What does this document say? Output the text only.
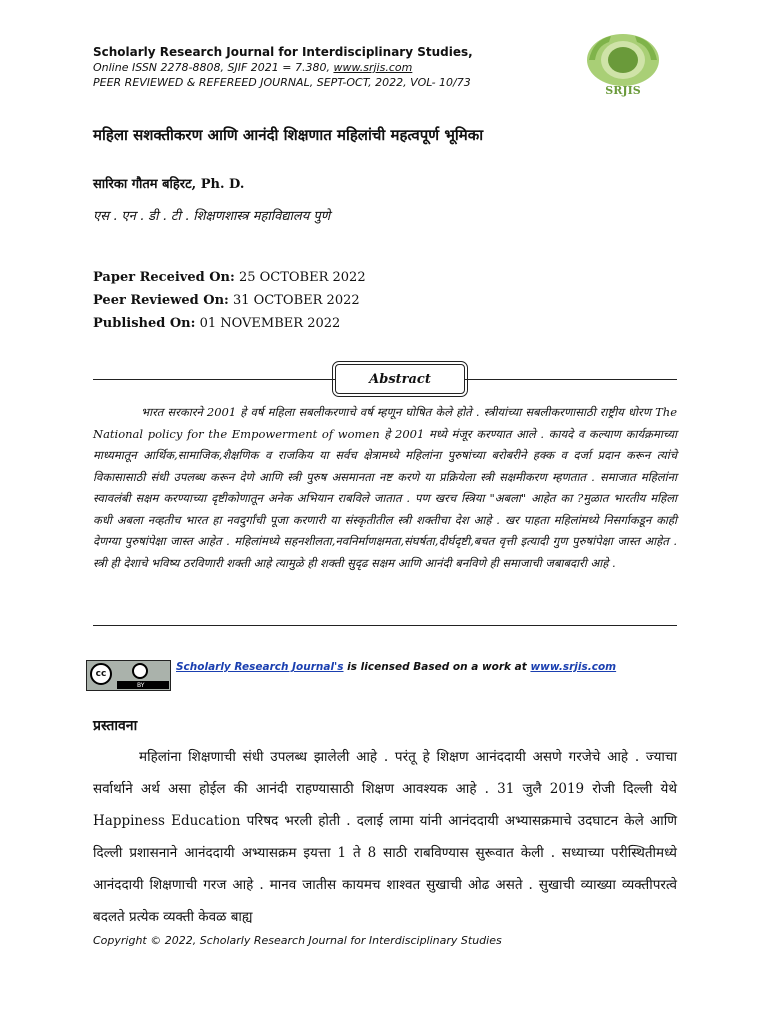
Scholarly Research Journal for Interdisciplinary Studies,
Online ISSN 2278-8808, SJIF 2021 = 7.380, www.srjis.com
PEER REVIEWED & REFEREED JOURNAL, SEPT-OCT, 2022, VOL- 10/73
SRJIS
महिला सशक्तीकरण आणि आनंदी शिक्षणात महिलांची महत्वपूर्ण भूमिका
सारिका गौतम बहिरट, Ph. D.
एस . एन . डी . टी . शिक्षणशास्त्र महाविद्यालय पुणे
Paper Received On: 25 OCTOBER 2022
Peer Reviewed On: 31 OCTOBER 2022
Published On: 01 NOVEMBER 2022
Abstract
भारत सरकारने 2001 हे वर्ष महिला सबलीकरणाचे वर्ष म्हणून घोषित केले होते . स्त्रीयांच्या सबलीकरणासाठी राष्ट्रीय धोरण The National policy for the Empowerment of women हे 2001 मध्ये मंजूर करण्यात आले . कायदे व कल्याण कार्यक्रमाच्या माध्यमातून आर्थिक,सामाजिक,शैक्षणिक व राजकिय या सर्वच क्षेत्रामध्ये महिलांना पुरुषांच्या बरोबरीने हक्क व दर्जा प्रदान करून त्यांचे विकासासाठी संधी उपलब्ध करून देणे आणि स्त्री पुरुष असमानता नष्ट करणे या प्रक्रियेला स्त्री सक्षमीकरण म्हणतात . समाजात महिलांना स्वावलंबी सक्षम करण्याच्या दृष्टीकोणातून अनेक अभियान राबविले जातात . पण खरच स्त्रिया "अबला" आहेत का ?मुळात भारतीय महिला कधी अबला नव्हतीच भारत हा नवदुर्गांची पूजा करणारी या संस्कृतीतील स्त्री शक्तीचा देश आहे . खर पाहता महिलांमध्ये निसर्गाकडून काही देणग्या पुरुषांपेक्षा जास्त आहेत . महिलांमध्ये सहनशीलता,नवनिर्माणक्षमता,संघर्षता,दीर्घदृष्टी,बचत वृत्ती इत्यादी गुण पुरुषांपेक्षा जास्त आहेत . स्त्री ही देशाचे भविष्य ठरविणारी शक्ती आहे त्यामुळे ही शक्ती सुदृढ सक्षम आणि आनंदी बनविणे ही समाजाची जबाबदारी आहे .
cc
BY
Scholarly Research Journal's is licensed Based on a work at www.srjis.com
प्रस्तावना
महिलांना शिक्षणाची संधी उपलब्ध झालेली आहे . परंतू हे शिक्षण आनंददायी असणे गरजेचे आहे . ज्याचा सर्वार्थाने अर्थ असा होईल की आनंदी राहण्यासाठी शिक्षण आवश्यक आहे . 31 जुलै 2019 रोजी दिल्ली येथे Happiness Education परिषद भरली होती . दलाई लामा यांनी आनंददायी अभ्यासक्रमाचे उदघाटन केले आणि दिल्ली प्रशासनाने आनंददायी अभ्यासक्रम इयत्ता 1 ते 8 साठी राबविण्यास सुरूवात केली . सध्याच्या परीस्थितीमध्ये आनंददायी शिक्षणाची गरज आहे . मानव जातीस कायमच शाश्वत सुखाची ओढ असते . सुखाची व्याख्या व्यक्तीपरत्वे बदलते प्रत्येक व्यक्ती केवळ बाह्य
Copyright © 2022, Scholarly Research Journal for Interdisciplinary Studies
